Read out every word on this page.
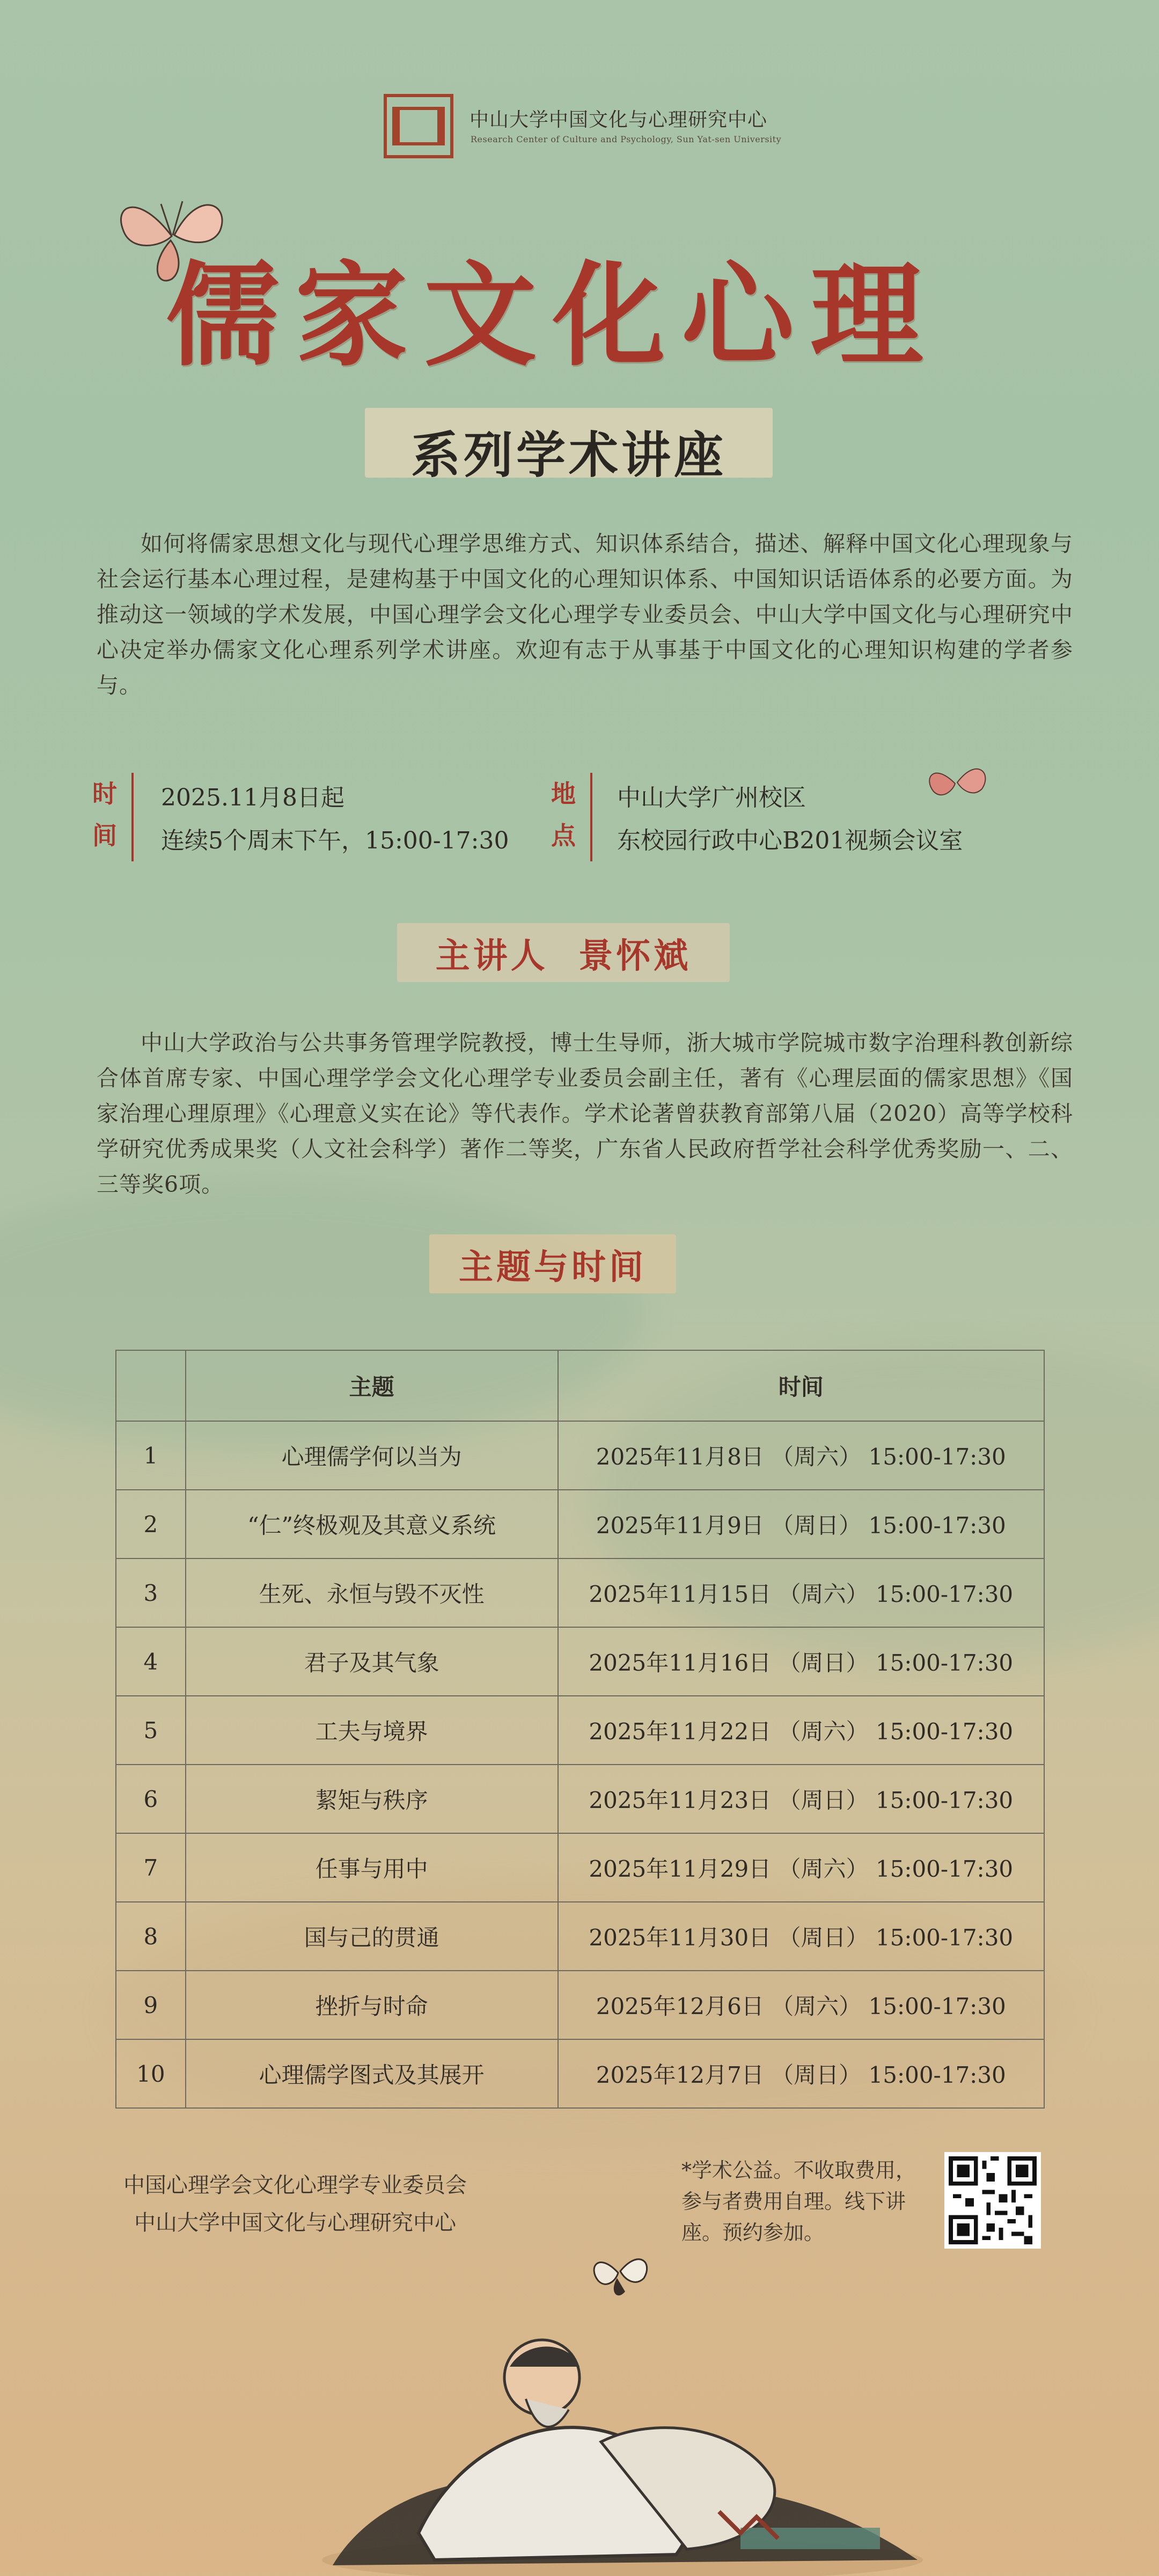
中山大学中国文化与心理研究中心
Research Center of Culture and Psychology, Sun Yat-sen University
儒家文化心理
系列学术讲座
如何将儒家思想文化与现代心理学思维方式、知识体系结合，描述、解释中国文化心理现象与社会运行基本心理过程，是建构基于中国文化的心理知识体系、中国知识话语体系的必要方面。为推动这一领域的学术发展，中国心理学会文化心理学专业委员会、中山大学中国文化与心理研究中心决定举办儒家文化心理系列学术讲座。欢迎有志于从事基于中国文化的心理知识构建的学者参与。
时
间
2025.11月8日起
连续5个周末下午，15:00-17:30
地
点
中山大学广州校区
东校园行政中心B201视频会议室
主讲人  景怀斌
中山大学政治与公共事务管理学院教授，博士生导师，浙大城市学院城市数字治理科教创新综合体首席专家、中国心理学学会文化心理学专业委员会副主任，著有《心理层面的儒家思想》《国家治理心理原理》《心理意义实在论》等代表作。学术论著曾获教育部第八届（2020）高等学校科学研究优秀成果奖（人文社会科学）著作二等奖，广东省人民政府哲学社会科学优秀奖励一、二、三等奖6项。
主题与时间
	主题	时间
1	心理儒学何以当为	2025年11月8日 （周六） 15:00-17:30
2	“仁”终极观及其意义系统	2025年11月9日 （周日） 15:00-17:30
3	生死、永恒与毁不灭性	2025年11月15日 （周六） 15:00-17:30
4	君子及其气象	2025年11月16日 （周日） 15:00-17:30
5	工夫与境界	2025年11月22日 （周六） 15:00-17:30
6	絜矩与秩序	2025年11月23日 （周日） 15:00-17:30
7	任事与用中	2025年11月29日 （周六） 15:00-17:30
8	国与己的贯通	2025年11月30日 （周日） 15:00-17:30
9	挫折与时命	2025年12月6日 （周六） 15:00-17:30
10	心理儒学图式及其展开	2025年12月7日 （周日） 15:00-17:30
中国心理学会文化心理学专业委员会
中山大学中国文化与心理研究中心
*学术公益。不收取费用，参与者费用自理。线下讲座。预约参加。
